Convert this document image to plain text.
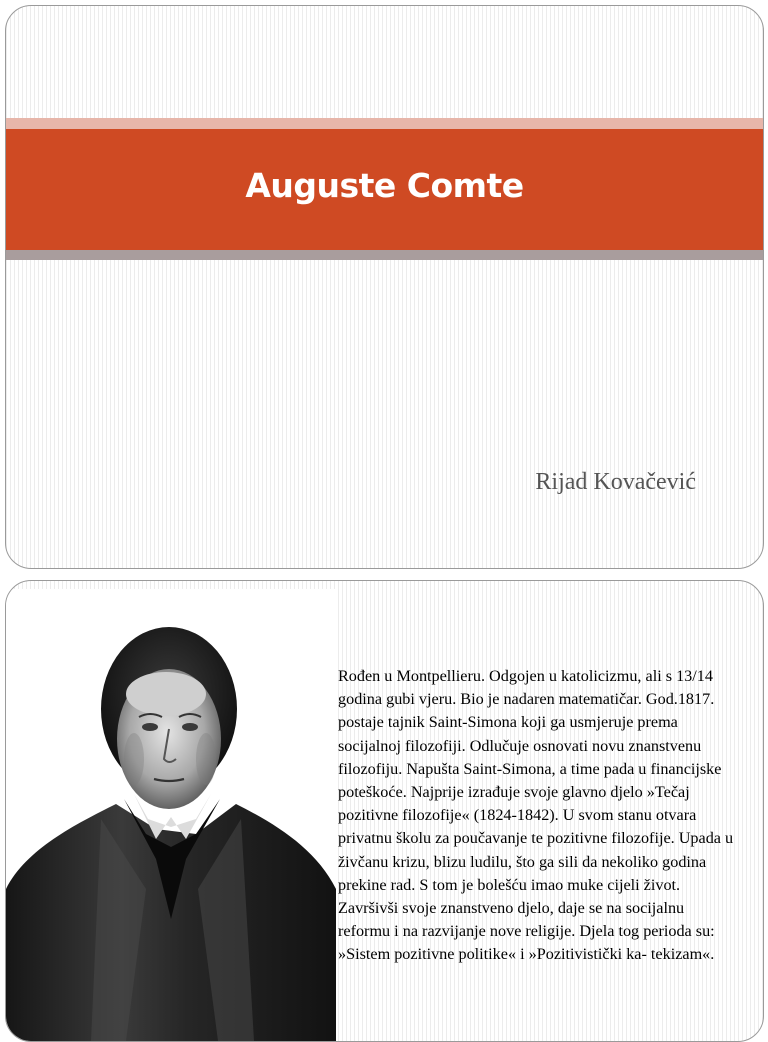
Auguste Comte
Rijad Kovačević
Rođen u Montpellieru. Odgojen u katolicizmu, ali s 13/14 godina gubi vjeru. Bio je nadaren matematičar. God.1817. postaje tajnik Saint-Simona koji ga usmjeruje prema socijalnoj filozofiji. Odlučuje osnovati novu znanstvenu filozofiju. Napušta Saint-Simona, a time pada u financijske poteškoće. Najprije izrađuje svoje glavno djelo »Tečaj pozitivne filozofije« (1824-1842). U svom stanu otvara privatnu školu za poučavanje te pozitivne filozofije. Upada u živčanu krizu, blizu ludilu, što ga sili da nekoliko godina prekine rad. S tom je bolešću imao muke cijeli život. Završivši svoje znanstveno djelo, daje se na socijalnu reformu i na razvijanje nove religije. Djela tog perioda su: »Sistem pozitivne politike« i »Pozitivistički ka- tekizam«.
